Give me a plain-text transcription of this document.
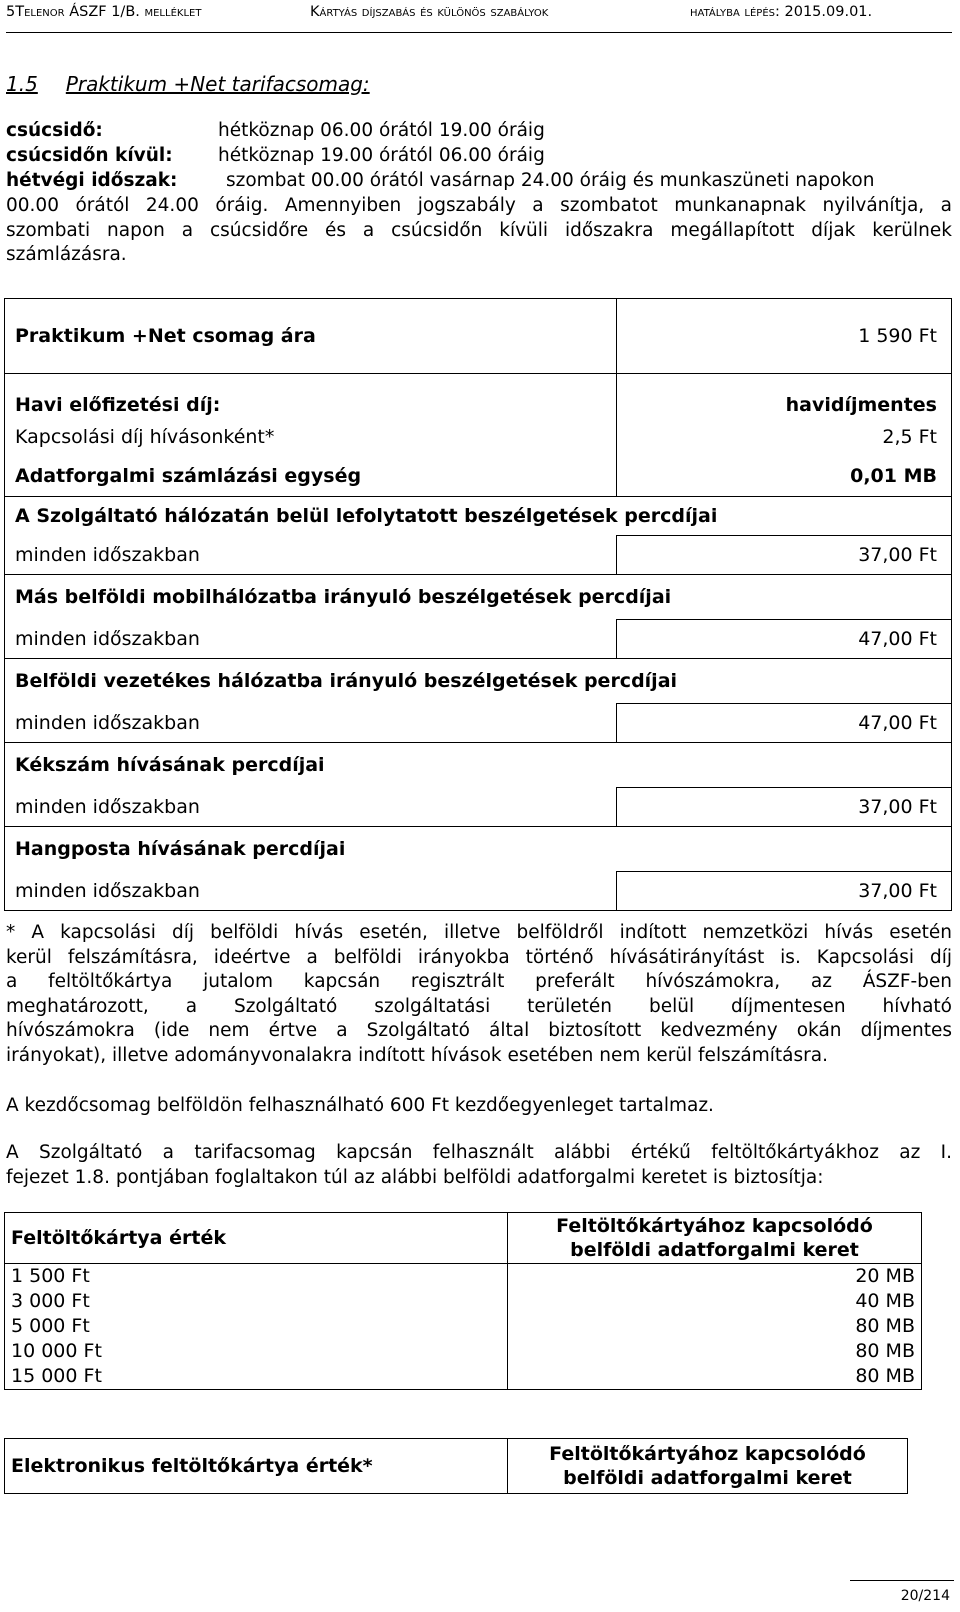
5Telenor ÁSZF 1/B. melléklet	Kártyás díjszabás és különös szabályok	hatályba lépés: 2015.09.01.
1.5 Praktikum +Net tarifacsomag:
csúcsidő:	hétköznap 06.00 órától 19.00 óráig
csúcsidőn kívül: hétköznap 19.00 órától 06.00 óráig
hétvégi időszak:	szombat 00.00 órától vasárnap 24.00 óráig és munkaszüneti napokon
00.00 órától 24.00 óráig. Amennyiben jogszabály a szombatot munkanapnak nyilvánítja, a
szombati napon a csúcsidőre és a csúcsidőn kívüli időszakra megállapított díjak kerülnek
számlázásra.
Praktikum +Net csomag ára	1 590 Ft
Havi előfizetési díj:	havidíjmentes
Kapcsolási díj hívásonként*	2,5 Ft
Adatforgalmi számlázási egység	0,01 MB
A Szolgáltató hálózatán belül lefolytatott beszélgetések percdíjai	
minden időszakban	37,00 Ft
Más belföldi mobilhálózatba irányuló beszélgetések percdíjai	
minden időszakban	47,00 Ft
Belföldi vezetékes hálózatba irányuló beszélgetések percdíjai	
minden időszakban	47,00 Ft
Kékszám hívásának percdíjai	
minden időszakban	37,00 Ft
Hangposta hívásának percdíjai	
minden időszakban	37,00 Ft
* A kapcsolási díj belföldi hívás esetén, illetve belföldről indított nemzetközi hívás esetén
kerül felszámításra, ideértve a belföldi irányokba történő hívásátirányítást is. Kapcsolási díj
a feltöltőkártya jutalom kapcsán regisztrált preferált hívószámokra, az ÁSZF-ben
meghatározott, a Szolgáltató szolgáltatási területén belül díjmentesen hívható
hívószámokra (ide nem értve a Szolgáltató által biztosított kedvezmény okán díjmentes
irányokat), illetve adományvonalakra indított hívások esetében nem kerül felszámításra.
A kezdőcsomag belföldön felhasználható 600 Ft kezdőegyenleget tartalmaz.
A Szolgáltató a tarifacsomag kapcsán felhasznált alábbi értékű feltöltőkártyákhoz az I.
fejezet 1.8. pontjában foglaltakon túl az alábbi belföldi adatforgalmi keretet is biztosítja:
Feltöltőkártya érték	Feltöltőkártyához kapcsolódó
belföldi adatforgalmi keret

1 500 Ft	20 MB
3 000 Ft	40 MB
5 000 Ft	80 MB
10 000 Ft	80 MB
15 000 Ft	80 MB
Elektronikus feltöltőkártya érték*	
Feltöltőkártyához kapcsolódó
belföldi adatforgalmi keret
20/214
